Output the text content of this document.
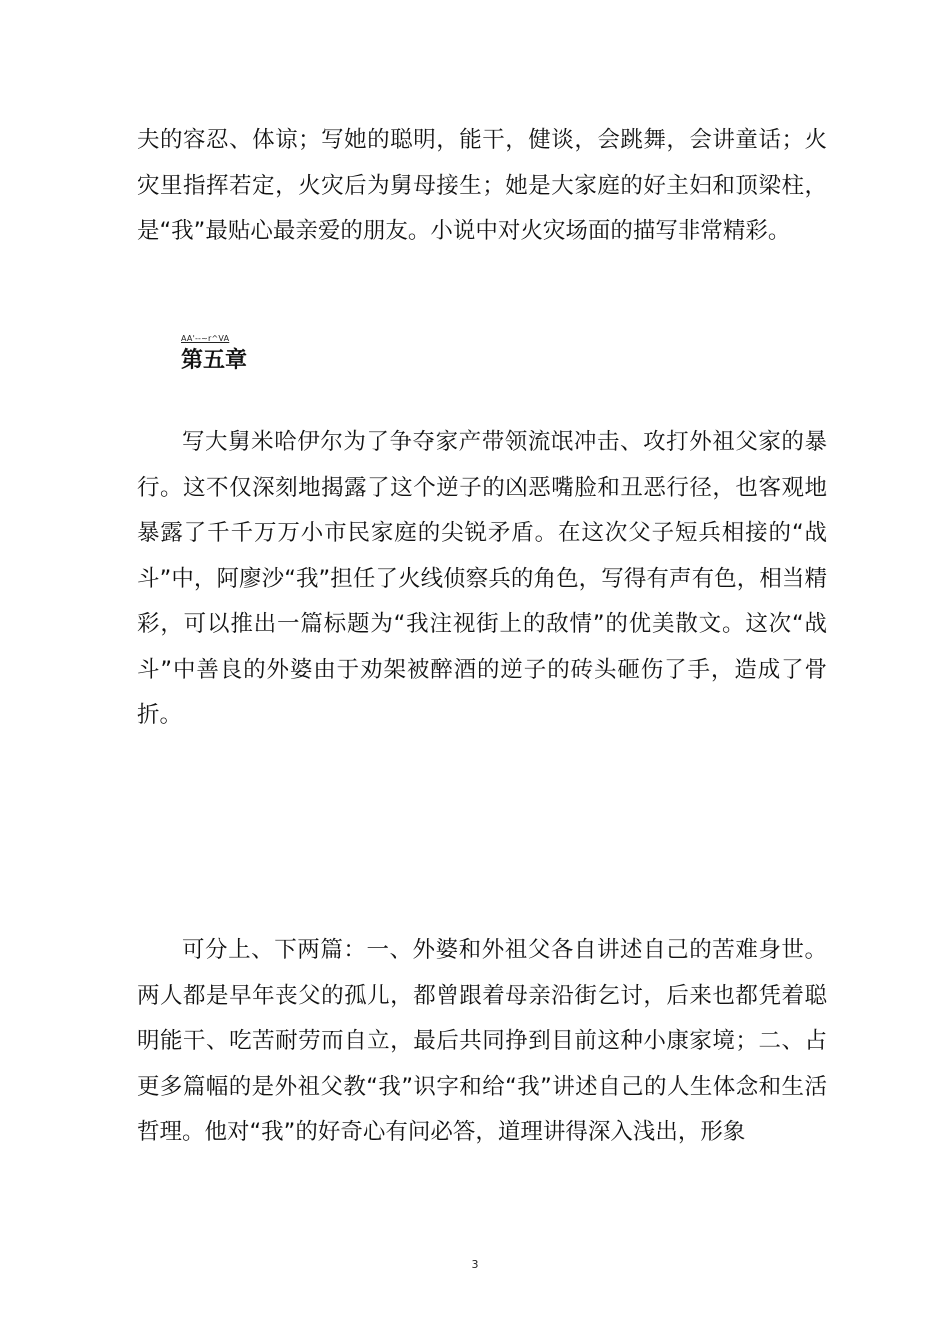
夫的容忍、体谅；写她的聪明，能干，健谈，会跳舞，会讲童话；火灾里指挥若定，火灾后为舅母接生；她是大家庭的好主妇和顶梁柱，是“我”最贴心最亲爱的朋友。小说中对火灾场面的描写非常精彩。

AA'--~r^VA
第五章

写大舅米哈伊尔为了争夺家产带领流氓冲击、攻打外祖父家的暴行。这不仅深刻地揭露了这个逆子的凶恶嘴脸和丑恶行径，也客观地暴露了千千万万小市民家庭的尖锐矛盾。在这次父子短兵相接的“战斗”中，阿廖沙“我”担任了火线侦察兵的角色，写得有声有色，相当精彩，可以推出一篇标题为“我注视街上的敌情”的优美散文。这次“战斗”中善良的外婆由于劝架被醉酒的逆子的砖头砸伤了手，造成了骨折。

可分上、下两篇：一、外婆和外祖父各自讲述自己的苦难身世。两人都是早年丧父的孤儿，都曾跟着母亲沿街乞讨，后来也都凭着聪明能干、吃苦耐劳而自立，最后共同挣到目前这种小康家境；二、占更多篇幅的是外祖父教“我”识字和给“我”讲述自己的人生体念和生活哲理。他对“我”的好奇心有问必答，道理讲得深入浅出，形象

3
